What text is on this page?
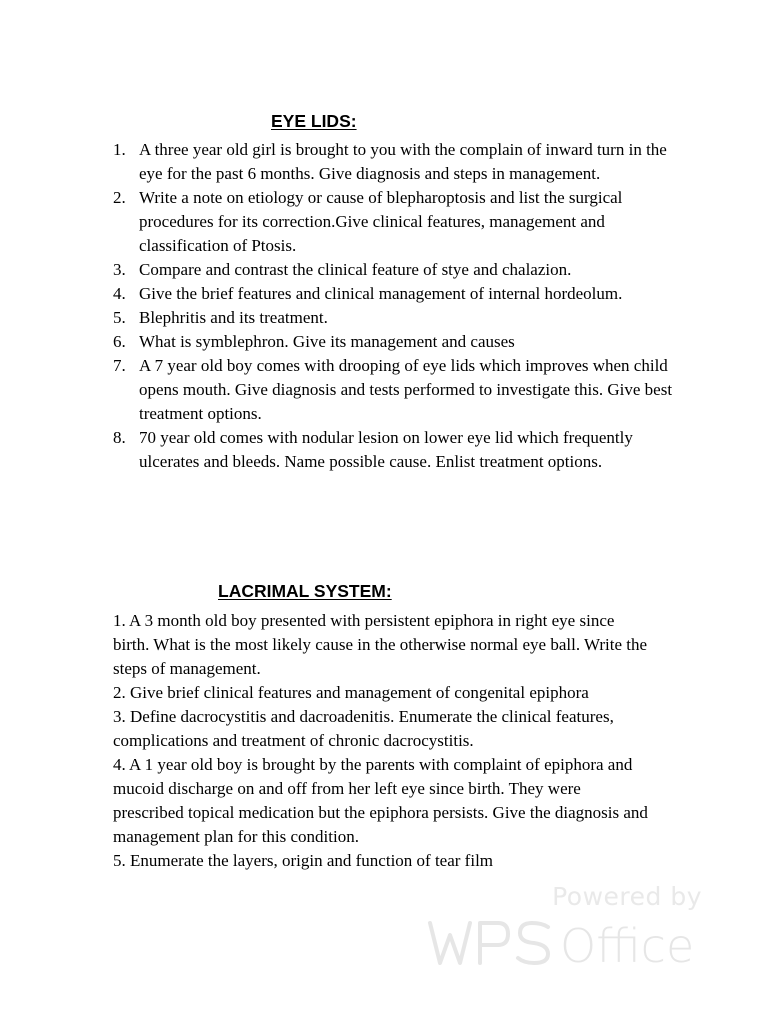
EYE LIDS:
1. A three year old girl is brought to you with the complain of inward turn in the eye for the past 6 months. Give diagnosis and steps in management.
2. Write a note on etiology or cause of blepharoptosis and list the surgical procedures for its correction.Give clinical features, management and classification of Ptosis.
3. Compare and contrast the clinical feature of stye and chalazion.
4. Give the brief features and clinical management of internal hordeolum.
5. Blephritis and its treatment.
6. What is symblephron. Give its management and causes
7. A 7 year old boy comes with drooping of eye lids which improves when child opens mouth. Give diagnosis and tests performed to investigate this. Give best treatment options.
8. 70 year old comes with nodular lesion on lower eye lid which frequently ulcerates and bleeds. Name possible cause. Enlist treatment options.
LACRIMAL SYSTEM:
1. A 3 month old boy presented with persistent epiphora in right eye since birth. What is the most likely cause in the otherwise normal eye ball. Write the steps of management.
2. Give brief clinical features and management of congenital epiphora
3. Define dacrocystitis and dacroadenitis. Enumerate the clinical features, complications and treatment of chronic dacrocystitis.
4. A 1 year old boy is brought by the parents with complaint of epiphora and mucoid discharge on and off from her left eye since birth. They were prescribed topical medication but the epiphora persists. Give the diagnosis and management plan for this condition.
5. Enumerate the layers, origin and function of tear film
Powered by
Office
